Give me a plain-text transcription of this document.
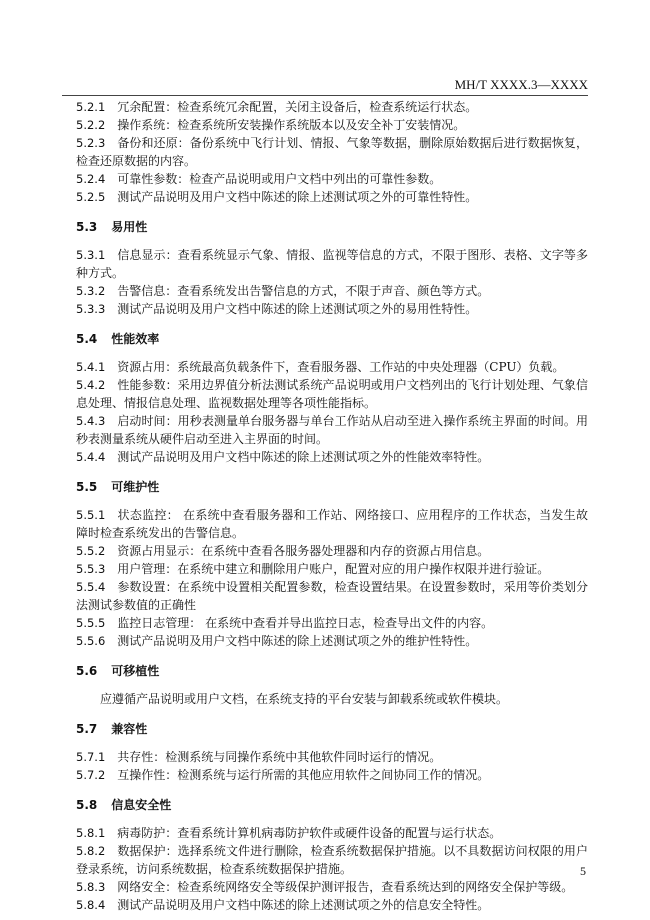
MH/T XXXX.3—XXXX

5.2.1 冗余配置：检查系统冗余配置，关闭主设备后，检查系统运行状态。

5.2.2 操作系统：检查系统所安装操作系统版本以及安全补丁安装情况。

5.2.3 备份和还原：备份系统中飞行计划、情报、气象等数据，删除原始数据后进行数据恢复，检查还原数据的内容。

5.2.4 可靠性参数：检查产品说明或用户文档中列出的可靠性参数。

5.2.5 测试产品说明及用户文档中陈述的除上述测试项之外的可靠性特性。

5.3 易用性

5.3.1 信息显示：查看系统显示气象、情报、监视等信息的方式，不限于图形、表格、文字等多种方式。

5.3.2 告警信息：查看系统发出告警信息的方式，不限于声音、颜色等方式。

5.3.3 测试产品说明及用户文档中陈述的除上述测试项之外的易用性特性。

5.4 性能效率

5.4.1 资源占用：系统最高负载条件下，查看服务器、工作站的中央处理器（CPU）负载。

5.4.2 性能参数：采用边界值分析法测试系统产品说明或用户文档列出的飞行计划处理、气象信息处理、情报信息处理、监视数据处理等各项性能指标。

5.4.3 启动时间：用秒表测量单台服务器与单台工作站从启动至进入操作系统主界面的时间。用秒表测量系统从硬件启动至进入主界面的时间。

5.4.4 测试产品说明及用户文档中陈述的除上述测试项之外的性能效率特性。

5.5 可维护性

5.5.1 状态监控： 在系统中查看服务器和工作站、网络接口、应用程序的工作状态，当发生故障时检查系统发出的告警信息。

5.5.2 资源占用显示：在系统中查看各服务器处理器和内存的资源占用信息。

5.5.3 用户管理：在系统中建立和删除用户账户，配置对应的用户操作权限并进行验证。

5.5.4 参数设置：在系统中设置相关配置参数，检查设置结果。在设置参数时，采用等价类划分法测试参数值的正确性

5.5.5 监控日志管理： 在系统中查看并导出监控日志，检查导出文件的内容。

5.5.6 测试产品说明及用户文档中陈述的除上述测试项之外的维护性特性。

5.6 可移植性

应遵循产品说明或用户文档，在系统支持的平台安装与卸载系统或软件模块。

5.7 兼容性

5.7.1 共存性：检测系统与同操作系统中其他软件同时运行的情况。

5.7.2 互操作性：检测系统与运行所需的其他应用软件之间协同工作的情况。

5.8 信息安全性

5.8.1 病毒防护：查看系统计算机病毒防护软件或硬件设备的配置与运行状态。

5.8.2 数据保护：选择系统文件进行删除，检查系统数据保护措施。以不具数据访问权限的用户登录系统，访问系统数据，检查系统数据保护措施。

5.8.3 网络安全：检查系统网络安全等级保护测评报告，查看系统达到的网络安全保护等级。

5.8.4 测试产品说明及用户文档中陈述的除上述测试项之外的信息安全特性。

5
